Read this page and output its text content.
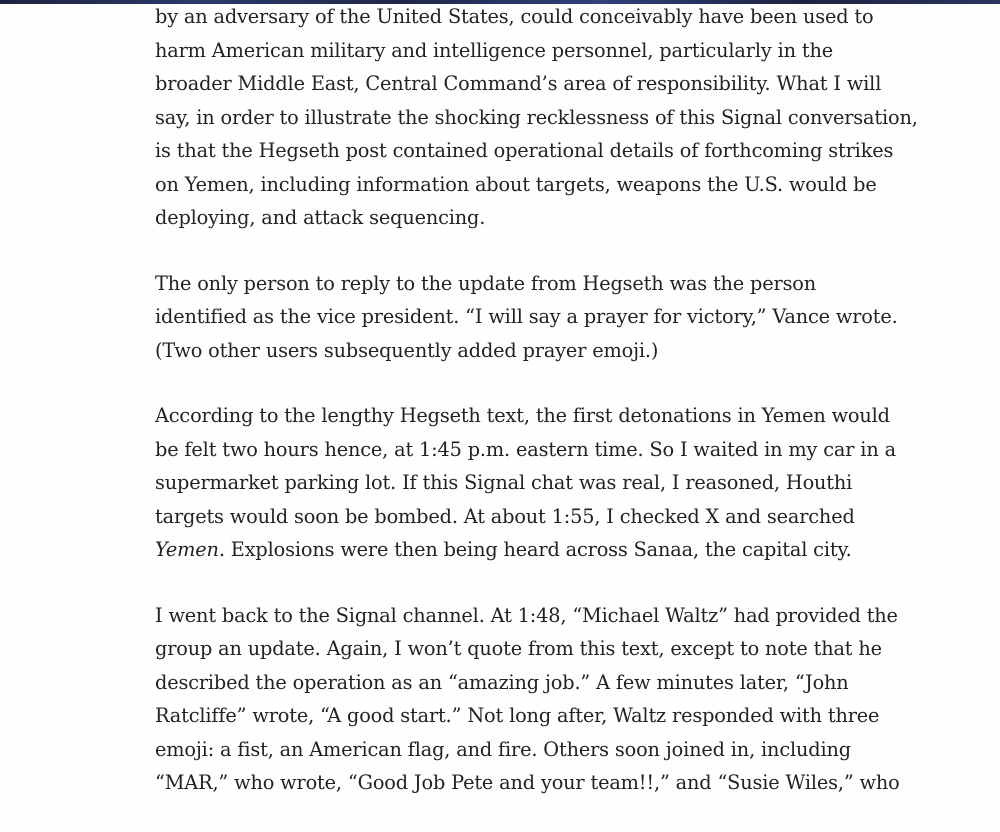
by an adversary of the United States, could conceivably have been used to
harm American military and intelligence personnel, particularly in the
broader Middle East, Central Command’s area of responsibility. What I will
say, in order to illustrate the shocking recklessness of this Signal conversation,
is that the Hegseth post contained operational details of forthcoming strikes
on Yemen, including information about targets, weapons the U.S. would be
deploying, and attack sequencing.
The only person to reply to the update from Hegseth was the person
identified as the vice president. “I will say a prayer for victory,” Vance wrote.
(Two other users subsequently added prayer emoji.)
According to the lengthy Hegseth text, the first detonations in Yemen would
be felt two hours hence, at 1:45 p.m. eastern time. So I waited in my car in a
supermarket parking lot. If this Signal chat was real, I reasoned, Houthi
targets would soon be bombed. At about 1:55, I checked X and searched
Yemen. Explosions were then being heard across Sanaa, the capital city.
I went back to the Signal channel. At 1:48, “Michael Waltz” had provided the
group an update. Again, I won’t quote from this text, except to note that he
described the operation as an “amazing job.” A few minutes later, “John
Ratcliffe” wrote, “A good start.” Not long after, Waltz responded with three
emoji: a fist, an American flag, and fire. Others soon joined in, including
“MAR,” who wrote, “Good Job Pete and your team!!,” and “Susie Wiles,” who
